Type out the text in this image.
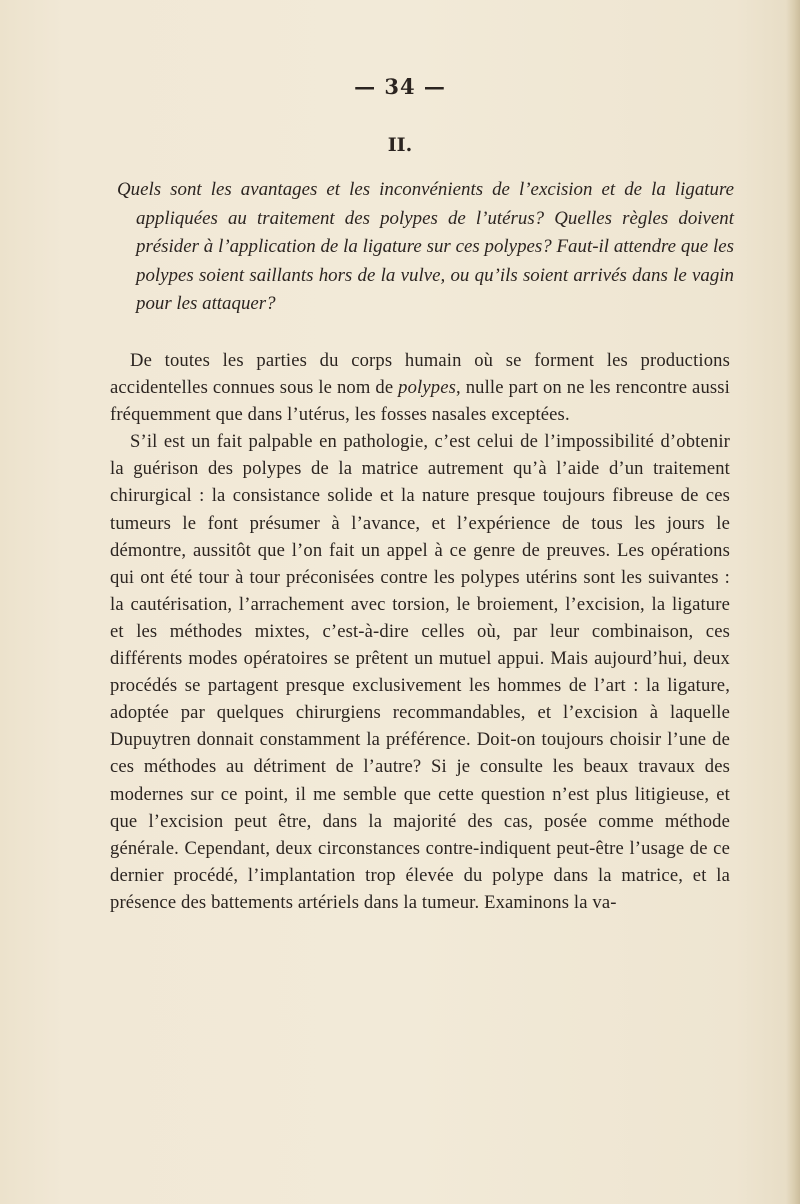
— 34 —
II.
Quels sont les avantages et les inconvénients de l’excision et de la ligature appliquées au traitement des polypes de l’utérus? Quelles règles doivent présider à l’application de la ligature sur ces polypes? Faut-il attendre que les polypes soient saillants hors de la vulve, ou qu’ils soient arrivés dans le vagin pour les attaquer?

De toutes les parties du corps humain où se forment les productions accidentelles connues sous le nom de polypes, nulle part on ne les rencontre aussi fréquemment que dans l’utérus, les fosses nasales exceptées.

S’il est un fait palpable en pathologie, c’est celui de l’impossibilité d’obtenir la guérison des polypes de la matrice autrement qu’à l’aide d’un traitement chirurgical : la consistance solide et la nature presque toujours fibreuse de ces tumeurs le font présumer à l’avance, et l’expérience de tous les jours le démontre, aussitôt que l’on fait un appel à ce genre de preuves. Les opérations qui ont été tour à tour préconisées contre les polypes utérins sont les suivantes : la cautérisation, l’arrachement avec torsion, le broiement, l’excision, la ligature et les méthodes mixtes, c’est-à-dire celles où, par leur combinaison, ces différents modes opératoires se prêtent un mutuel appui. Mais aujourd’hui, deux procédés se partagent presque exclusivement les hommes de l’art : la ligature, adoptée par quelques chirurgiens recommandables, et l’excision à laquelle Dupuytren donnait constamment la préférence. Doit-on toujours choisir l’une de ces méthodes au détriment de l’autre? Si je consulte les beaux travaux des modernes sur ce point, il me semble que cette question n’est plus litigieuse, et que l’excision peut être, dans la majorité des cas, posée comme méthode générale. Cependant, deux circonstances contre-indiquent peut-être l’usage de ce dernier procédé, l’implantation trop élevée du polype dans la matrice, et la présence des battements artériels dans la tumeur. Examinons la va-
